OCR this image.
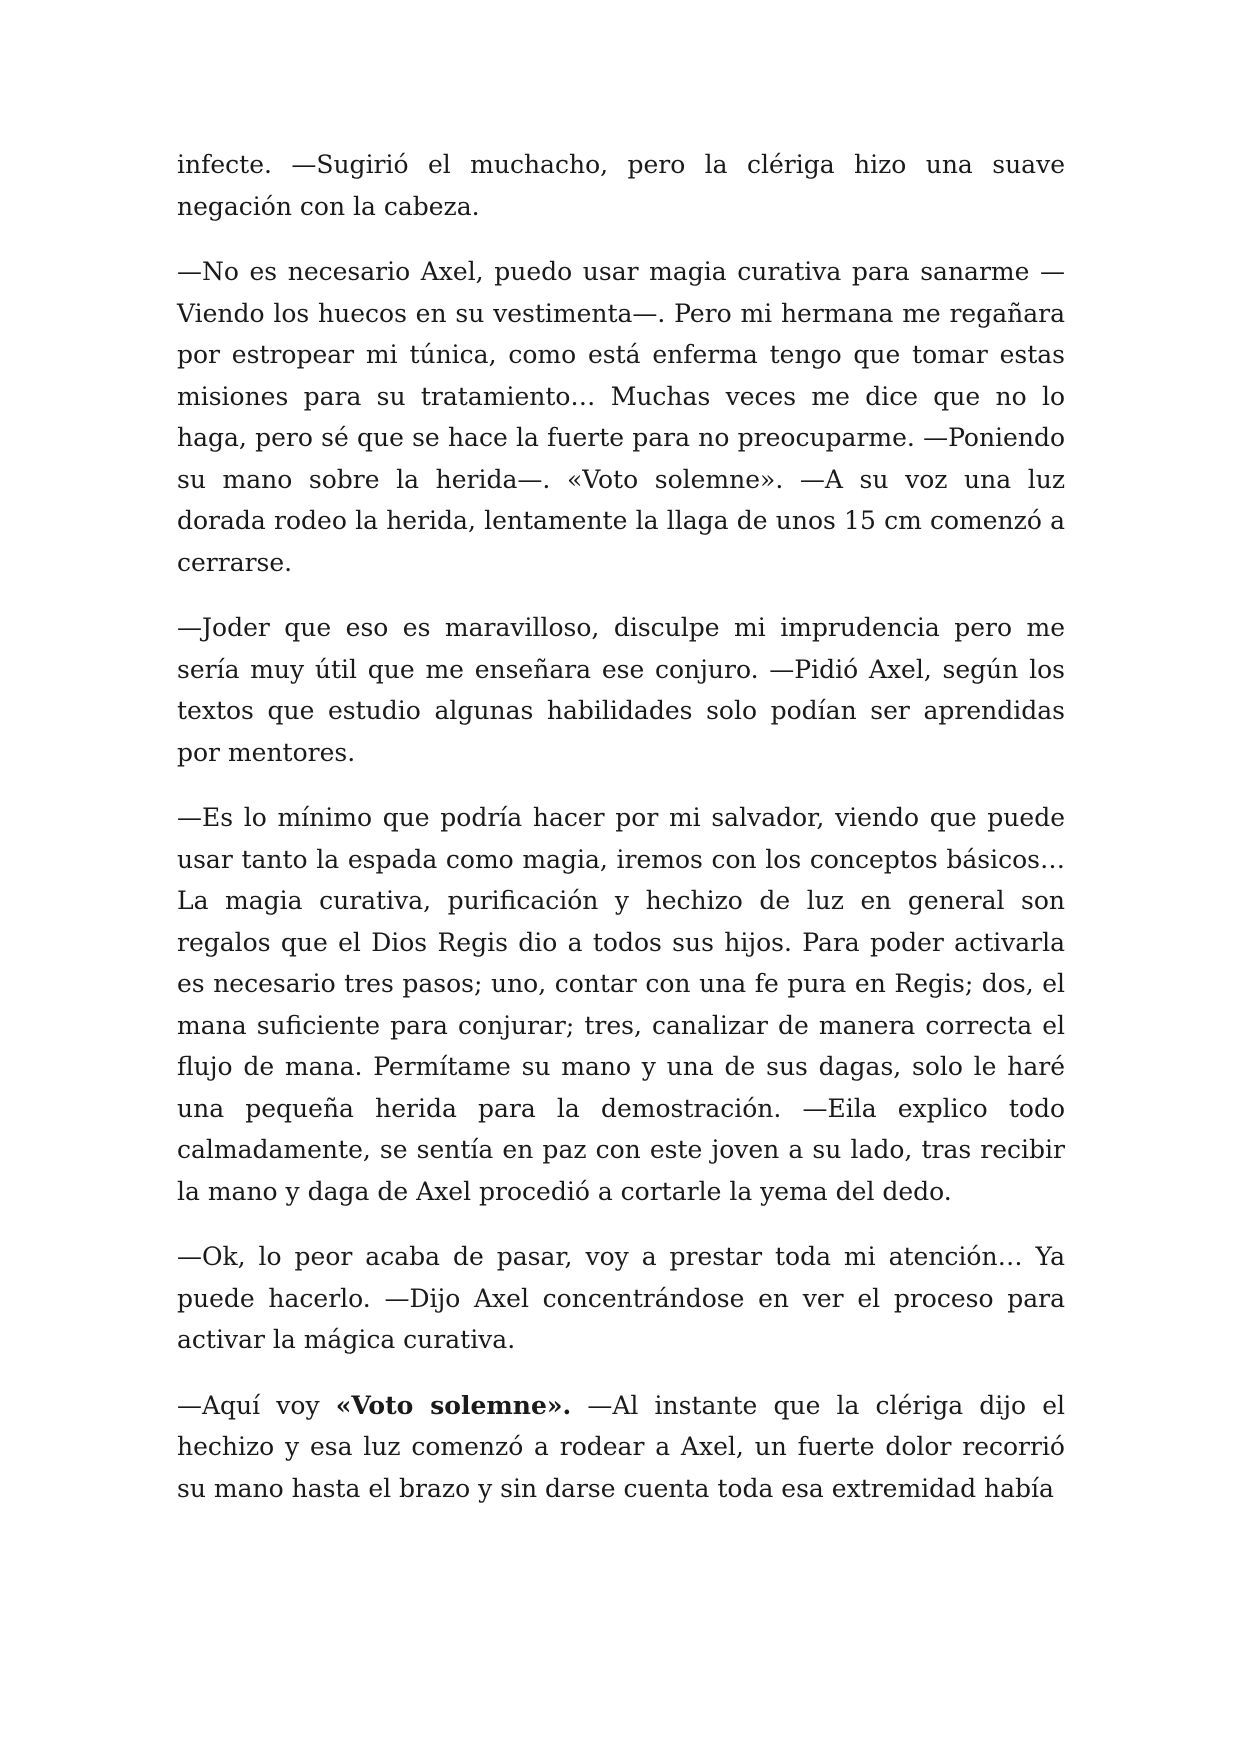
infecte. —Sugirió el muchacho, pero la clériga hizo una suave negación con la cabeza.

—No es necesario Axel, puedo usar magia curativa para sanarme —Viendo los huecos en su vestimenta—. Pero mi hermana me regañara por estropear mi túnica, como está enferma tengo que tomar estas misiones para su tratamiento… Muchas veces me dice que no lo haga, pero sé que se hace la fuerte para no preocuparme. —Poniendo su mano sobre la herida—. «Voto solemne». —A su voz una luz dorada rodeo la herida, lentamente la llaga de unos 15 cm comenzó a cerrarse.

—Joder que eso es maravilloso, disculpe mi imprudencia pero me sería muy útil que me enseñara ese conjuro. —Pidió Axel, según los textos que estudio algunas habilidades solo podían ser aprendidas por mentores.

—Es lo mínimo que podría hacer por mi salvador, viendo que puede usar tanto la espada como magia, iremos con los conceptos básicos… La magia curativa, purificación y hechizo de luz en general son regalos que el Dios Regis dio a todos sus hijos. Para poder activarla es necesario tres pasos; uno, contar con una fe pura en Regis; dos, el mana suficiente para conjurar; tres, canalizar de manera correcta el flujo de mana. Permítame su mano y una de sus dagas, solo le haré una pequeña herida para la demostración. —Eila explico todo calmadamente, se sentía en paz con este joven a su lado, tras recibir la mano y daga de Axel procedió a cortarle la yema del dedo.

—Ok, lo peor acaba de pasar, voy a prestar toda mi atención… Ya puede hacerlo. —Dijo Axel concentrándose en ver el proceso para activar la mágica curativa.

—Aquí voy «Voto solemne». —Al instante que la clériga dijo el hechizo y esa luz comenzó a rodear a Axel, un fuerte dolor recorrió su mano hasta el brazo y sin darse cuenta toda esa extremidad había
